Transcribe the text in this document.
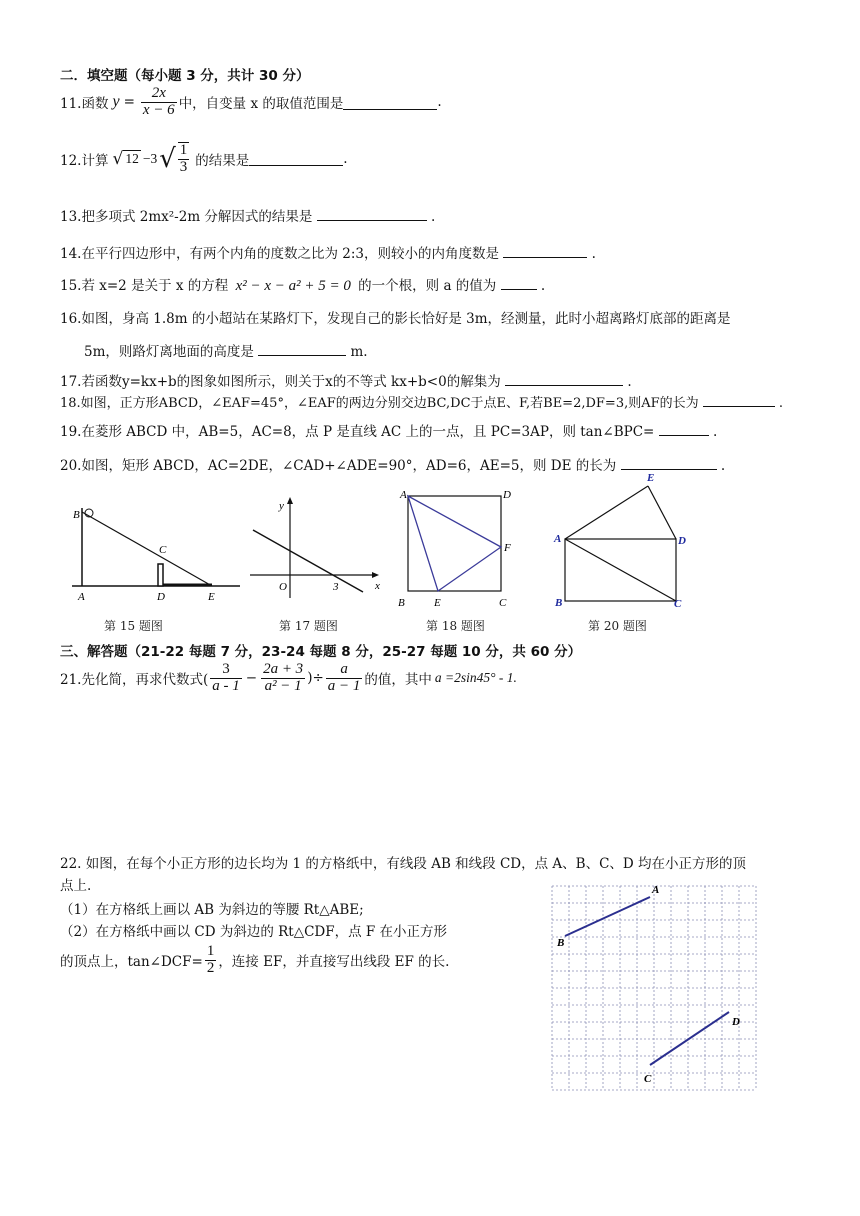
二．填空题（每小题 3 分，共计 30 分）
11.函数 $y = \frac{2x}{x - 6}$ 中，自变量 x 的取值范围是	.
12.计算 √ 12 −3 √ $\frac{1}{3}$ 的结果是	.
13.把多项式 2mx²-2m 分解因式的结果是	.
14.在平行四边形中，有两个内角的度数之比为 2:3，则较小的内角度数是	.
15.若 x=2 是关于 x 的方程 x² − x − a² + 5 = 0 的一个根，则 a 的值为	.
16.如图，身高 1.8m 的小超站在某路灯下，发现自己的影长恰好是 3m，经测量，此时小超离路灯底部的距离是
5m，则路灯离地面的高度是	m.
17.若函数y=kx+b的图象如图所示，则关于x的不等式 kx+b<0的解集为	.
18.如图，正方形ABCD，∠EAF=45°，∠EAF的两边分别交边BC,DC于点E、F,若BE=2,DF=3,则AF的长为	.
19.在菱形 ABCD 中，AB=5，AC=8，点 P 是直线 AC 上的一点，且 PC=3AP，则 tan∠BPC=	.
20.如图，矩形 ABCD，AC=2DE，∠CAD+∠ADE=90°，AD=6，AE=5，则 DE 的长为	.
B
C
A	D	E
第 15 题图
y
x
O	3
第 17 题图
A	D
F
B	E	C
第 18 题图
E
A	D
B	C
第 20 题图
三、解答题（21-22 每题 7 分，23-24 每题 8 分，25-27 每题 10 分，共 60 分）
21.先化简，再求代数式( $\frac{3}{a - 1} - \frac{2a + 3}{\text{a² − 1}}$ )÷ $\frac{a}{a - 1}$ 的值，其中 a =2sin45° - 1.
22. 如图，在每个小正方形的边长均为 1 的方格纸中，有线段 AB 和线段 CD，点 A、B、C、D 均在小正方形的顶
点上.
（1）在方格纸上画以 AB 为斜边的等腰 Rt△ABE;
（2）在方格纸中画以 CD 为斜边的 Rt△CDF，点 F 在小正方形
的顶点上，tan∠DCF= $\frac{1}{2}$ ，连接 EF，并直接写出线段 EF 的长.
A
B
C
D
